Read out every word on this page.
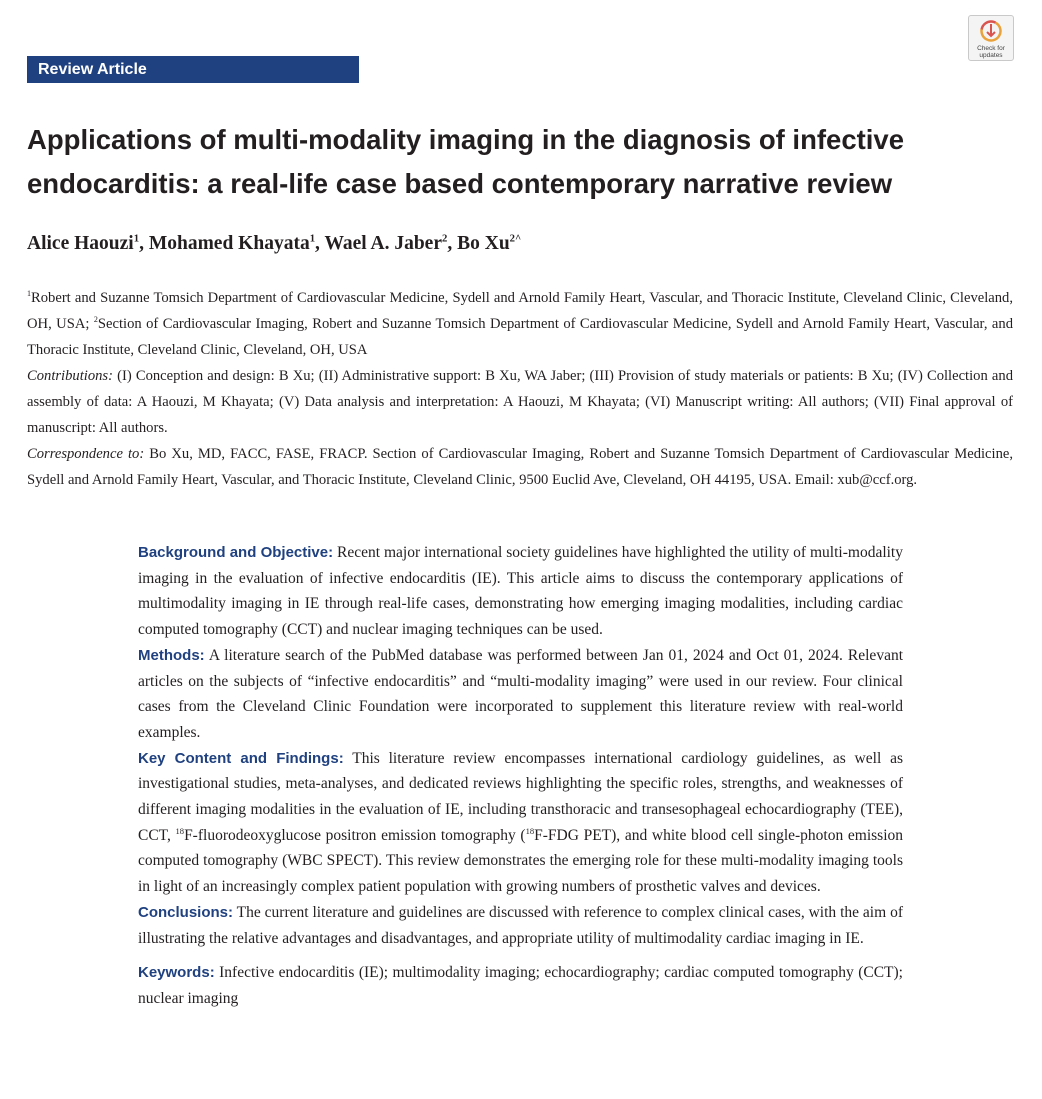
Review Article
Check for
updates
Applications of multi-modality imaging in the diagnosis of infective endocarditis: a real-life case based contemporary narrative review
Alice Haouzi$^1$, Mohamed Khayata$^1$, Wael A. Jaber$^2$, Bo $Xu^{2\^{}}$

$^1$Robert and Suzanne Tomsich Department of Cardiovascular Medicine, Sydell and Arnold Family Heart, Vascular, and Thoracic Institute, Cleveland Clinic, Cleveland, OH, USA; $^2$Section of Cardiovascular Imaging, Robert and Suzanne Tomsich Department of Cardiovascular Medicine, Sydell and Arnold Family Heart, Vascular, and Thoracic Institute, Cleveland Clinic, Cleveland, OH, USA

Contributions: (I) Conception and design: B Xu; (II) Administrative support: B Xu, WA Jaber; (III) Provision of study materials or patients: B Xu; (IV) Collection and assembly of data: A Haouzi, M Khayata; (V) Data analysis and interpretation: A Haouzi, M Khayata; (VI) Manuscript writing: All authors; (VII) Final approval of manuscript: All authors.

Correspondence to: Bo Xu, MD, FACC, FASE, FRACP. Section of Cardiovascular Imaging, Robert and Suzanne Tomsich Department of Cardiovascular Medicine, Sydell and Arnold Family Heart, Vascular, and Thoracic Institute, Cleveland Clinic, 9500 Euclid Ave, Cleveland, OH 44195, USA. Email: xub@ccf.org.

Background and Objective: Recent major international society guidelines have highlighted the utility of multi-modality imaging in the evaluation of infective endocarditis (IE). This article aims to discuss the contemporary applications of multimodality imaging in IE through real-life cases, demonstrating how emerging imaging modalities, including cardiac computed tomography (CCT) and nuclear imaging techniques can be used.

Methods: A literature search of the PubMed database was performed between Jan 01, 2024 and Oct 01, 2024. Relevant articles on the subjects of “infective endocarditis” and “multi-modality imaging” were used in our review. Four clinical cases from the Cleveland Clinic Foundation were incorporated to supplement this literature review with real-world examples.

Key Content and Findings: This literature review encompasses international cardiology guidelines, as well as investigational studies, meta-analyses, and dedicated reviews highlighting the specific roles, strengths, and weaknesses of different imaging modalities in the evaluation of IE, including transthoracic and transesophageal echocardiography (TEE), CCT, $^{18}$F-fluorodeoxyglucose positron emission tomography ($^{18}$F-FDG PET), and white blood cell single-photon emission computed tomography (WBC SPECT). This review demonstrates the emerging role for these multi-modality imaging tools in light of an increasingly complex patient population with growing numbers of prosthetic valves and devices.

Conclusions: The current literature and guidelines are discussed with reference to complex clinical cases, with the aim of illustrating the relative advantages and disadvantages, and appropriate utility of multimodality cardiac imaging in IE.

Keywords: Infective endocarditis (IE); multimodality imaging; echocardiography; cardiac computed tomography (CCT); nuclear imaging
